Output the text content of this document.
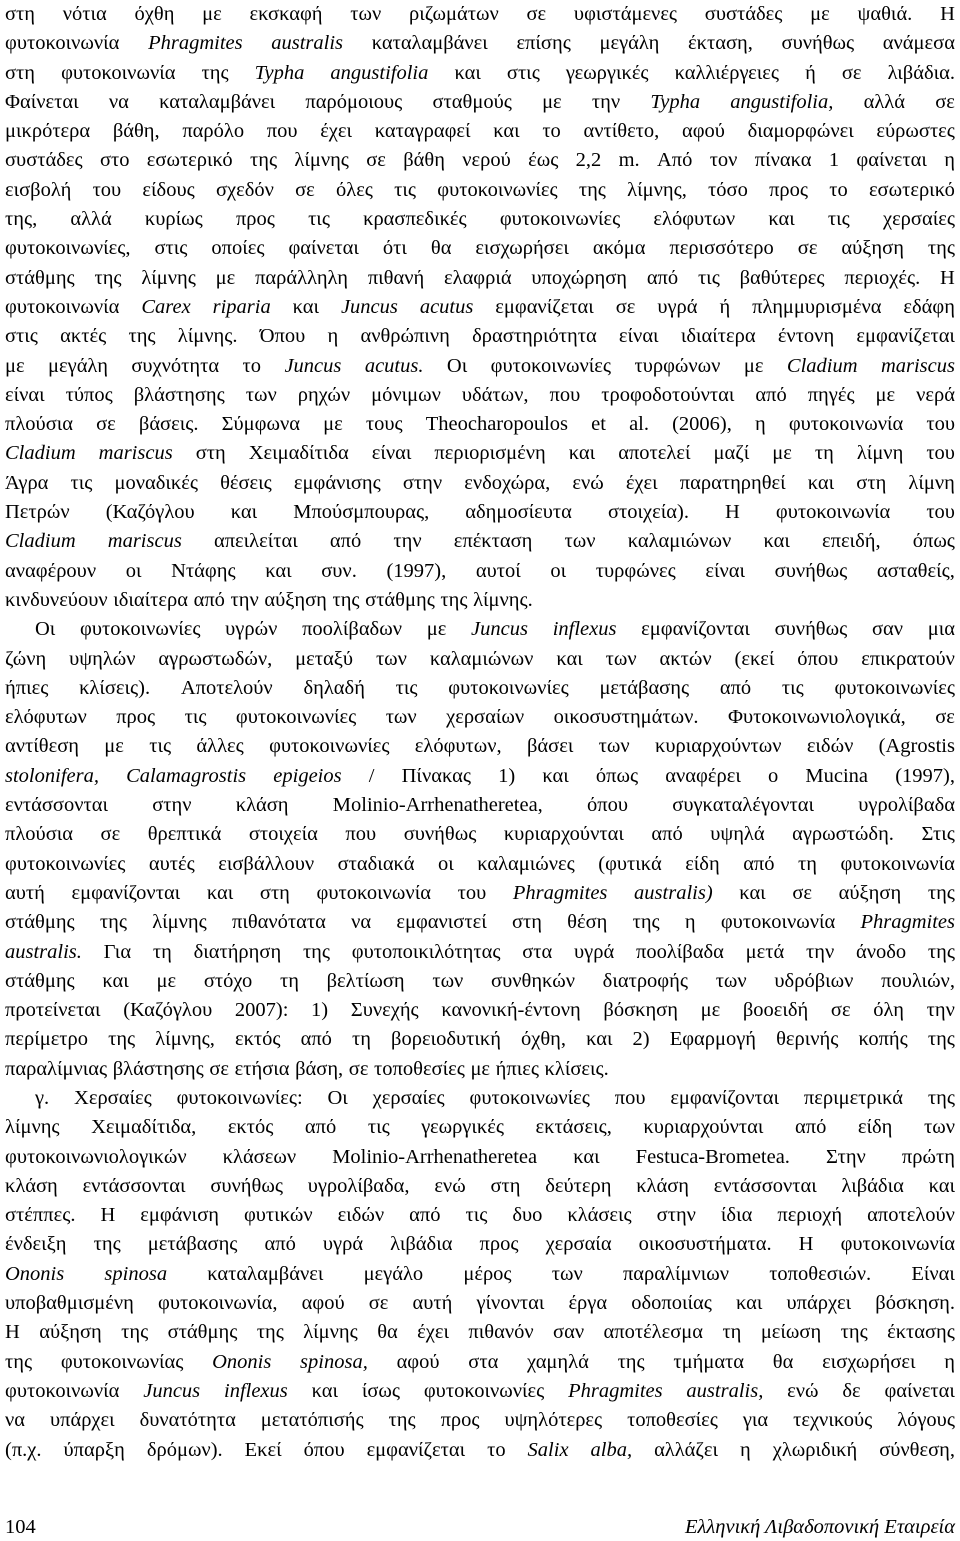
στη νότια όχθη με εκσκαφή των ριζωμάτων σε υφιστάμενες συστάδες με ψαθιά. Η
φυτοκοινωνία Phragmites australis καταλαμβάνει επίσης μεγάλη έκταση, συνήθως ανάμεσα
στη φυτοκοινωνία της Typha angustifolia και στις γεωργικές καλλιέργειες ή σε λιβάδια.
Φαίνεται να καταλαμβάνει παρόμοιους σταθμούς με την Typha angustifolia, αλλά σε
μικρότερα βάθη, παρόλο που έχει καταγραφεί και το αντίθετο, αφού διαμορφώνει εύρωστες
συστάδες στο εσωτερικό της λίμνης σε βάθη νερού έως 2,2 m. Από τον πίνακα 1 φαίνεται η
εισβολή του είδους σχεδόν σε όλες τις φυτοκοινωνίες της λίμνης, τόσο προς το εσωτερικό
της, αλλά κυρίως προς τις κρασπεδικές φυτοκοινωνίες ελόφυτων και τις χερσαίες
φυτοκοινωνίες, στις οποίες φαίνεται ότι θα εισχωρήσει ακόμα περισσότερο σε αύξηση της
στάθμης της λίμνης με παράλληλη πιθανή ελαφριά υποχώρηση από τις βαθύτερες περιοχές. Η
φυτοκοινωνία Carex riparia και Juncus acutus εμφανίζεται σε υγρά ή πλημμυρισμένα εδάφη
στις ακτές της λίμνης. Όπου η ανθρώπινη δραστηριότητα είναι ιδιαίτερα έντονη εμφανίζεται
με μεγάλη συχνότητα το Juncus acutus. Οι φυτοκοινωνίες τυρφώνων με Cladium mariscus
είναι τύπος βλάστησης των ρηχών μόνιμων υδάτων, που τροφοδοτούνται από πηγές με νερά
πλούσια σε βάσεις. Σύμφωνα με τους Theocharopoulos et al. (2006), η φυτοκοινωνία του
Cladium mariscus στη Χειμαδίτιδα είναι περιορισμένη και αποτελεί μαζί με τη λίμνη του
Άγρα τις μοναδικές θέσεις εμφάνισης στην ενδοχώρα, ενώ έχει παρατηρηθεί και στη λίμνη
Πετρών (Καζόγλου και Μπούσμπουρας, αδημοσίευτα στοιχεία). Η φυτοκοινωνία του
Cladium mariscus απειλείται από την επέκταση των καλαμιώνων και επειδή, όπως
αναφέρουν οι Ντάφης και συν. (1997), αυτοί οι τυρφώνες είναι συνήθως ασταθείς,
κινδυνεύουν ιδιαίτερα από την αύξηση της στάθμης της λίμνης.
Οι φυτοκοινωνίες υγρών ποολίβαδων με Juncus inflexus εμφανίζονται συνήθως σαν μια
ζώνη υψηλών αγρωστωδών, μεταξύ των καλαμιώνων και των ακτών (εκεί όπου επικρατούν
ήπιες κλίσεις). Αποτελούν δηλαδή τις φυτοκοινωνίες μετάβασης από τις φυτοκοινωνίες
ελόφυτων προς τις φυτοκοινωνίες των χερσαίων οικοσυστημάτων. Φυτοκοινωνιολογικά, σε
αντίθεση με τις άλλες φυτοκοινωνίες ελόφυτων, βάσει των κυριαρχούντων ειδών (Agrostis
stolonifera, Calamagrostis epigeios / Πίνακας 1) και όπως αναφέρει ο Mucina (1997),
εντάσσονται στην κλάση Molinio-Arrhenatheretea, όπου συγκαταλέγονται υγρολίβαδα
πλούσια σε θρεπτικά στοιχεία που συνήθως κυριαρχούνται από υψηλά αγρωστώδη. Στις
φυτοκοινωνίες αυτές εισβάλλουν σταδιακά οι καλαμιώνες (φυτικά είδη από τη φυτοκοινωνία
αυτή εμφανίζονται και στη φυτοκοινωνία του Phragmites australis) και σε αύξηση της
στάθμης της λίμνης πιθανότατα να εμφανιστεί στη θέση της η φυτοκοινωνία Phragmites
australis. Για τη διατήρηση της φυτοποικιλότητας στα υγρά ποολίβαδα μετά την άνοδο της
στάθμης και με στόχο τη βελτίωση των συνθηκών διατροφής των υδρόβιων πουλιών,
προτείνεται (Καζόγλου 2007): 1) Συνεχής κανονική-έντονη βόσκηση με βοοειδή σε όλη την
περίμετρο της λίμνης, εκτός από τη βορειοδυτική όχθη, και 2) Εφαρμογή θερινής κοπής της
παραλίμνιας βλάστησης σε ετήσια βάση, σε τοποθεσίες με ήπιες κλίσεις.
γ. Χερσαίες φυτοκοινωνίες: Οι χερσαίες φυτοκοινωνίες που εμφανίζονται περιμετρικά της
λίμνης Χειμαδίτιδα, εκτός από τις γεωργικές εκτάσεις, κυριαρχούνται από είδη των
φυτοκοινωνιολογικών κλάσεων Molinio-Arrhenatheretea και Festuca-Brometea. Στην πρώτη
κλάση εντάσσονται συνήθως υγρολίβαδα, ενώ στη δεύτερη κλάση εντάσσονται λιβάδια και
στέππες. Η εμφάνιση φυτικών ειδών από τις δυο κλάσεις στην ίδια περιοχή αποτελούν
ένδειξη της μετάβασης από υγρά λιβάδια προς χερσαία οικοσυστήματα. Η φυτοκοινωνία
Ononis spinosa καταλαμβάνει μεγάλο μέρος των παραλίμνιων τοποθεσιών. Είναι
υποβαθμισμένη φυτοκοινωνία, αφού σε αυτή γίνονται έργα οδοποιίας και υπάρχει βόσκηση.
Η αύξηση της στάθμης της λίμνης θα έχει πιθανόν σαν αποτέλεσμα τη μείωση της έκτασης
της φυτοκοινωνίας Ononis spinosa, αφού στα χαμηλά της τμήματα θα εισχωρήσει η
φυτοκοινωνία Juncus inflexus και ίσως φυτοκοινωνίες Phragmites australis, ενώ δε φαίνεται
να υπάρχει δυνατότητα μετατόπισής της προς υψηλότερες τοποθεσίες για τεχνικούς λόγους
(π.χ. ύπαρξη δρόμων). Εκεί όπου εμφανίζεται το Salix alba, αλλάζει η χλωριδική σύνθεση,
104	Ελληνική Λιβαδοπονική Εταιρεία
